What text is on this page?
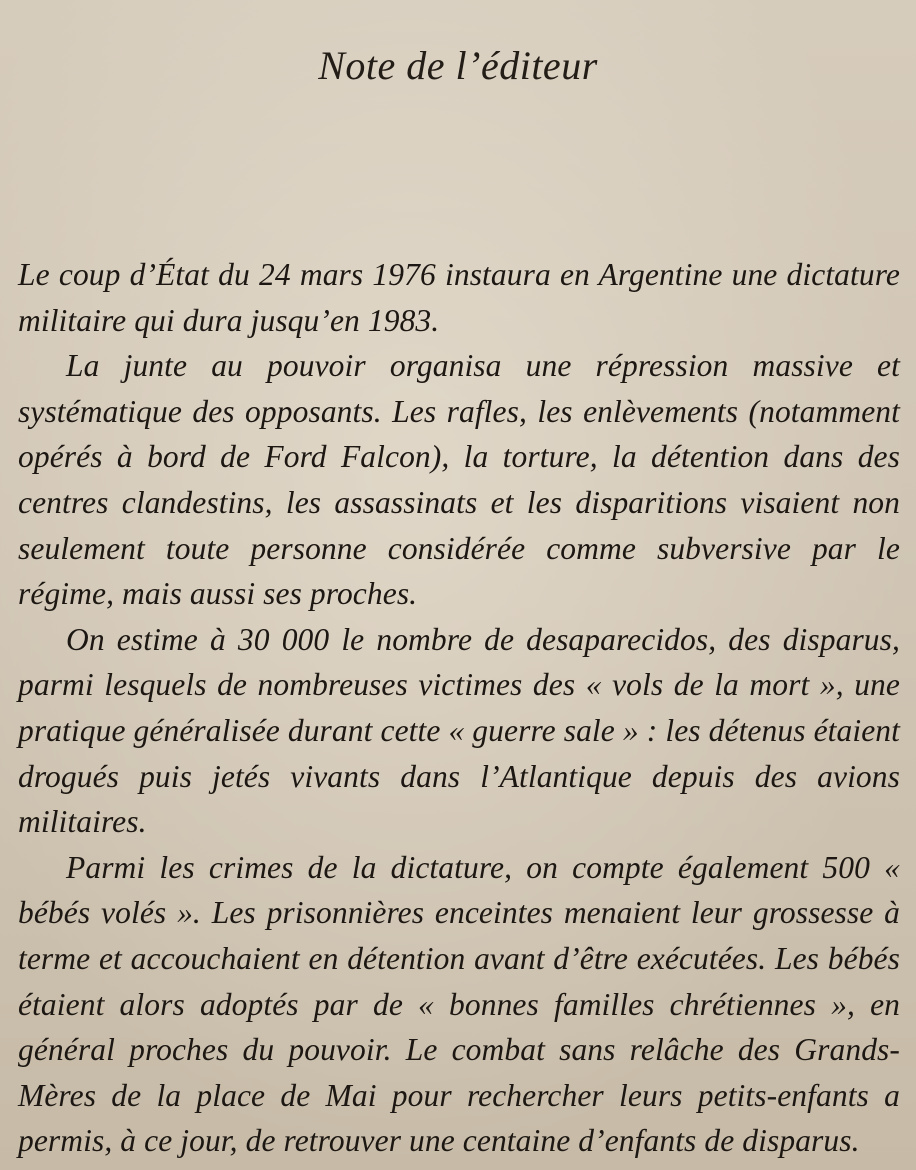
Note de l’éditeur

Le coup d’État du 24 mars 1976 instaura en Argentine une dictature militaire qui dura jusqu’en 1983.

La junte au pouvoir organisa une répression massive et systématique des opposants. Les rafles, les enlèvements (notamment opérés à bord de Ford Falcon), la torture, la détention dans des centres clandestins, les assassinats et les disparitions visaient non seulement toute personne considérée comme subversive par le régime, mais aussi ses proches.

On estime à 30 000 le nombre de desaparecidos, des disparus, parmi lesquels de nombreuses victimes des « vols de la mort », une pratique généralisée durant cette « guerre sale » : les détenus étaient drogués puis jetés vivants dans l’Atlantique depuis des avions militaires.

Parmi les crimes de la dictature, on compte également 500 « bébés volés ». Les prisonnières enceintes menaient leur grossesse à terme et accouchaient en détention avant d’être exécutées. Les bébés étaient alors adoptés par de « bonnes familles chrétiennes », en général proches du pouvoir. Le combat sans relâche des Grands-Mères de la place de Mai pour rechercher leurs petits-enfants a permis, à ce jour, de retrouver une centaine d’enfants de disparus.
